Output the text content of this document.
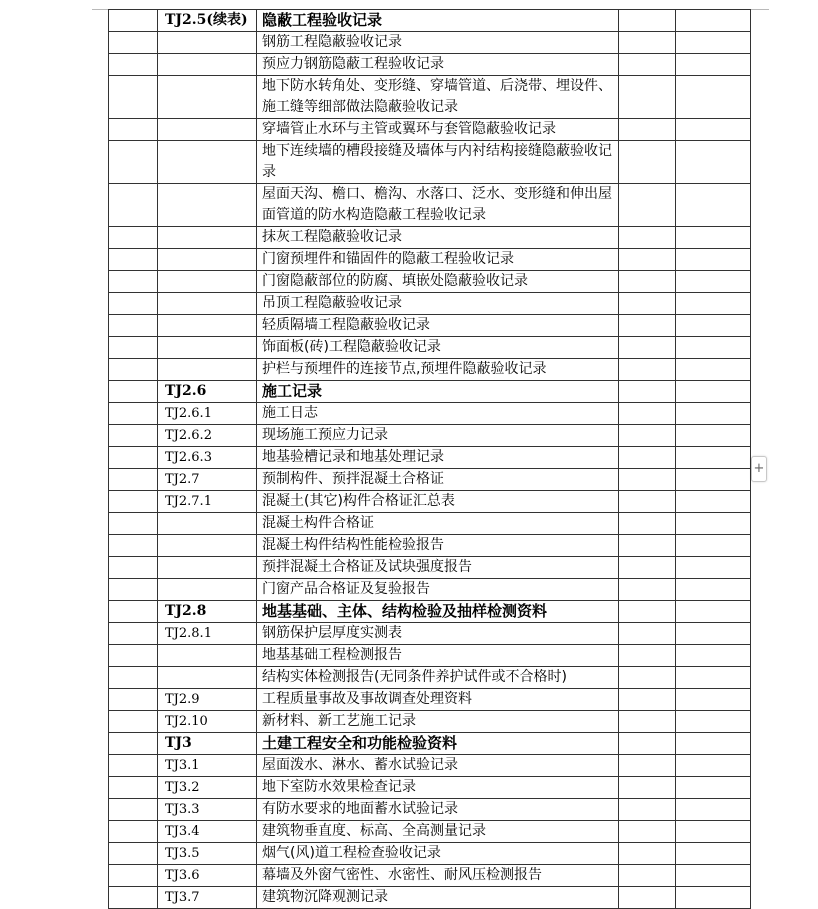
	TJ2.5(续表)	隐蔽工程验收记录		
		钢筋工程隐蔽验收记录		
		预应力钢筋隐蔽工程验收记录		
		地下防水转角处、变形缝、穿墙管道、后浇带、埋设件、施工缝等细部做法隐蔽验收记录		
		穿墙管止水环与主管或翼环与套管隐蔽验收记录		
		地下连续墙的槽段接缝及墙体与内衬结构接缝隐蔽验收记录		
		屋面天沟、檐口、檐沟、水落口、泛水、变形缝和伸出屋面管道的防水构造隐蔽工程验收记录		
		抹灰工程隐蔽验收记录		
		门窗预埋件和锚固件的隐蔽工程验收记录		
		门窗隐蔽部位的防腐、填嵌处隐蔽验收记录		
		吊顶工程隐蔽验收记录		
		轻质隔墙工程隐蔽验收记录		
		饰面板(砖)工程隐蔽验收记录		
		护栏与预埋件的连接节点,预埋件隐蔽验收记录		
	TJ2.6	施工记录		
	TJ2.6.1	施工日志		
	TJ2.6.2	现场施工预应力记录		
	TJ2.6.3	地基验槽记录和地基处理记录		
	TJ2.7	预制构件、预拌混凝土合格证		
	TJ2.7.1	混凝土(其它)构件合格证汇总表		
		混凝土构件合格证		
		混凝土构件结构性能检验报告		
		预拌混凝土合格证及试块强度报告		
		门窗产品合格证及复验报告		
	TJ2.8	地基基础、主体、结构检验及抽样检测资料		
	TJ2.8.1	钢筋保护层厚度实测表		
		地基基础工程检测报告		
		结构实体检测报告(无同条件养护试件或不合格时)		
	TJ2.9	工程质量事故及事故调查处理资料		
	TJ2.10	新材料、新工艺施工记录		
	TJ3	土建工程安全和功能检验资料		
	TJ3.1	屋面泼水、淋水、蓄水试验记录		
	TJ3.2	地下室防水效果检查记录		
	TJ3.3	有防水要求的地面蓄水试验记录		
	TJ3.4	建筑物垂直度、标高、全高测量记录		
	TJ3.5	烟气(风)道工程检查验收记录		
	TJ3.6	幕墙及外窗气密性、水密性、耐风压检测报告		
	TJ3.7	建筑物沉降观测记录		
+
